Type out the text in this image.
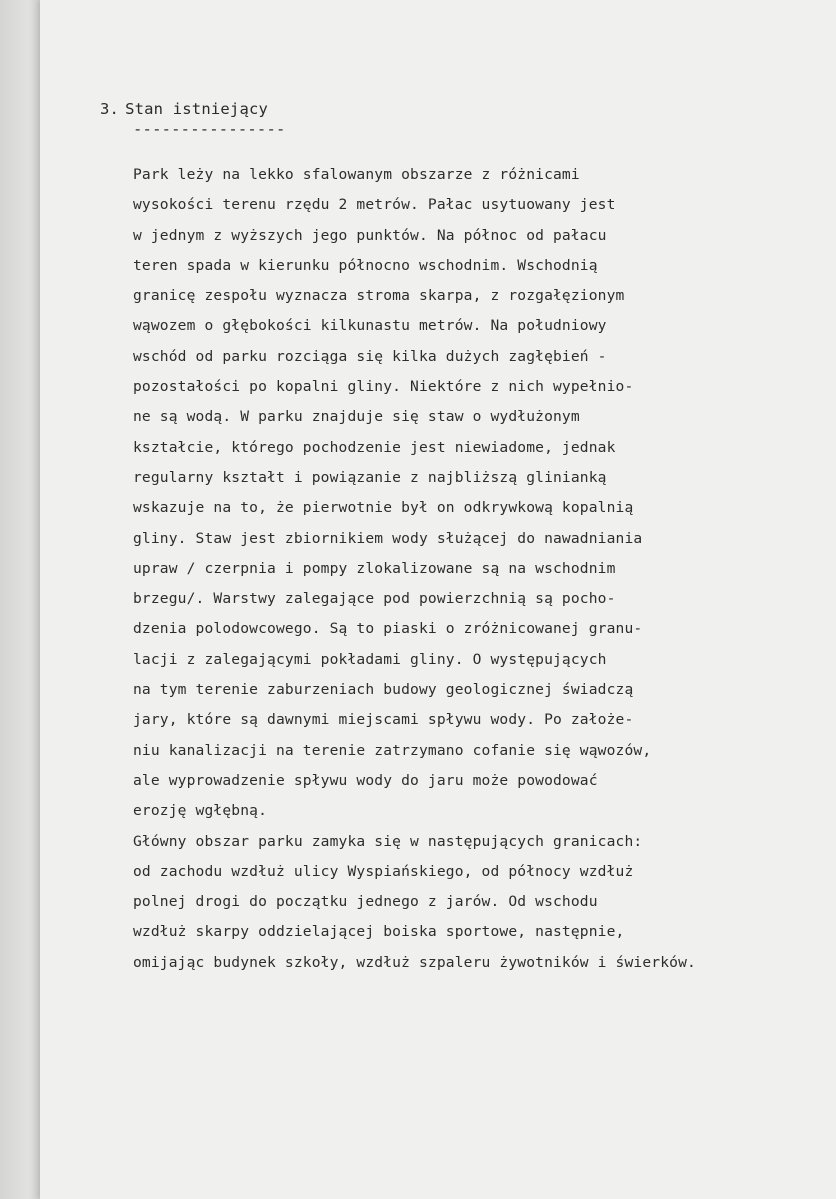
3. Stan istniejący
----------------
Park leży na lekko sfalowanym obszarze z różnicami
wysokości terenu rzędu 2 metrów. Pałac usytuowany jest
w jednym z wyższych jego punktów. Na północ od pałacu
teren spada w kierunku północno wschodnim. Wschodnią
granicę zespołu wyznacza stroma skarpa, z rozgałęzionym
wąwozem o głębokości kilkunastu metrów. Na południowy
wschód od parku rozciąga się kilka dużych zagłębień -
pozostałości po kopalni gliny. Niektóre z nich wypełnio-
ne są wodą. W parku znajduje się staw o wydłużonym
kształcie, którego pochodzenie jest niewiadome, jednak
regularny kształt i powiązanie z najbliższą glinianką
wskazuje na to, że pierwotnie był on odkrywkową kopalnią
gliny. Staw jest zbiornikiem wody służącej do nawadniania
upraw / czerpnia i pompy zlokalizowane są na wschodnim
brzegu/. Warstwy zalegające pod powierzchnią są pocho-
dzenia polodowcowego. Są to piaski o zróżnicowanej granu-
lacji z zalegającymi pokładami gliny. O występujących
na tym terenie zaburzeniach budowy geologicznej świadczą
jary, które są dawnymi miejscami spływu wody. Po założe-
niu kanalizacji na terenie zatrzymano cofanie się wąwozów,
ale wyprowadzenie spływu wody do jaru może powodować
erozję wgłębną.
Główny obszar parku zamyka się w następujących granicach:
od zachodu wzdłuż ulicy Wyspiańskiego, od północy wzdłuż
polnej drogi do początku jednego z jarów. Od wschodu
wzdłuż skarpy oddzielającej boiska sportowe, następnie,
omijając budynek szkoły, wzdłuż szpaleru żywotników i świerków.
